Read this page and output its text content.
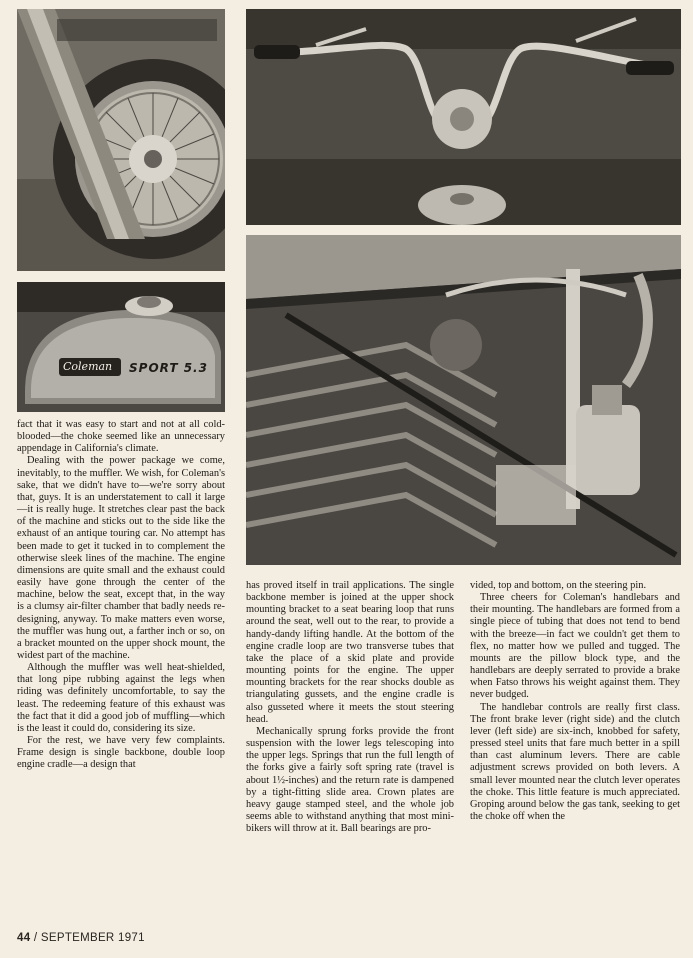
Coleman SPORT 5.3

fact that it was easy to start and not at all cold-blooded—the choke seemed like an unnecessary appendage in California's climate.

Dealing with the power package we come, inevitably, to the muffler. We wish, for Coleman's sake, that we didn't have to—we're sorry about that, guys. It is an understatement to call it large—it is really huge. It stretches clear past the back of the machine and sticks out to the side like the exhaust of an antique touring car. No attempt has been made to get it tucked in to complement the otherwise sleek lines of the machine. The engine dimensions are quite small and the exhaust could easily have gone through the center of the machine, below the seat, except that, in the way is a clumsy air-filter chamber that badly needs re-designing, anyway. To make matters even worse, the muffler was hung out, a farther inch or so, on a bracket mounted on the upper shock mount, the widest part of the machine.

Although the muffler was well heat-shielded, that long pipe rubbing against the legs when riding was definitely uncomfortable, to say the least. The redeeming feature of this exhaust was the fact that it did a good job of muffling—which is the least it could do, considering its size.

For the rest, we have very few complaints. Frame design is single backbone, double loop engine cradle—a design that

has proved itself in trail applications. The single backbone member is joined at the upper shock mounting bracket to a seat bearing loop that runs around the seat, well out to the rear, to provide a handy-dandy lifting handle. At the bottom of the engine cradle loop are two transverse tubes that take the place of a skid plate and provide mounting points for the engine. The upper mounting brackets for the rear shocks double as triangulating gussets, and the engine cradle is also gusseted where it meets the stout steering head.

Mechanically sprung forks provide the front suspension with the lower legs telescoping into the upper legs. Springs that run the full length of the forks give a fairly soft spring rate (travel is about 1½-inches) and the return rate is dampened by a tight-fitting slide area. Crown plates are heavy gauge stamped steel, and the whole job seems able to withstand anything that most mini-bikers will throw at it. Ball bearings are pro-

vided, top and bottom, on the steering pin.

Three cheers for Coleman's handlebars and their mounting. The handlebars are formed from a single piece of tubing that does not tend to bend with the breeze—in fact we couldn't get them to flex, no matter how we pulled and tugged. The mounts are the pillow block type, and the handlebars are deeply serrated to provide a brake when Fatso throws his weight against them. They never budged.

The handlebar controls are really first class. The front brake lever (right side) and the clutch lever (left side) are six-inch, knobbed for safety, pressed steel units that fare much better in a spill than cast aluminum levers. There are cable adjustment screws provided on both levers. A small lever mounted near the clutch lever operates the choke. This little feature is much appreciated. Groping around below the gas tank, seeking to get the choke off when the

44 / SEPTEMBER 1971
